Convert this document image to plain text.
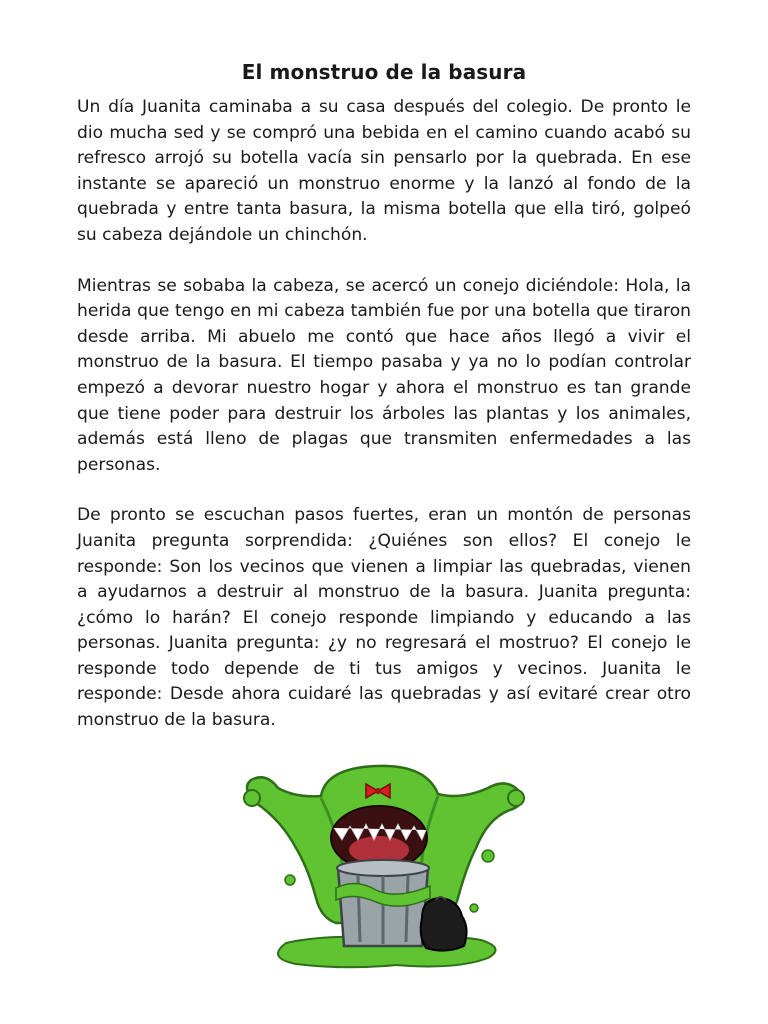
El monstruo de la basura

Un día Juanita caminaba a su casa después del colegio. De pronto le dio mucha sed y se compró una bebida en el camino cuando acabó su refresco arrojó su botella vacía sin pensarlo por la quebrada. En ese instante se apareció un monstruo enorme y la lanzó al fondo de la quebrada y entre tanta basura, la misma botella que ella tiró, golpeó su cabeza dejándole un chinchón.

Mientras se sobaba la cabeza, se acercó un conejo diciéndole: Hola, la herida que tengo en mi cabeza también fue por una botella que tiraron desde arriba. Mi abuelo me contó que hace años llegó a vivir el monstruo de la basura. El tiempo pasaba y ya no lo podían controlar empezó a devorar nuestro hogar y ahora el monstruo es tan grande que tiene poder para destruir los árboles las plantas y los animales, además está lleno de plagas que transmiten enfermedades a las personas.

De pronto se escuchan pasos fuertes, eran un montón de personas Juanita pregunta sorprendida: ¿Quiénes son ellos? El conejo le responde: Son los vecinos que vienen a limpiar las quebradas, vienen a ayudarnos a destruir al monstruo de la basura. Juanita pregunta: ¿cómo lo harán? El conejo responde limpiando y educando a las personas. Juanita pregunta: ¿y no regresará el mostruo? El conejo le responde todo depende de ti tus amigos y vecinos. Juanita le responde: Desde ahora cuidaré las quebradas y así evitaré crear otro monstruo de la basura.
